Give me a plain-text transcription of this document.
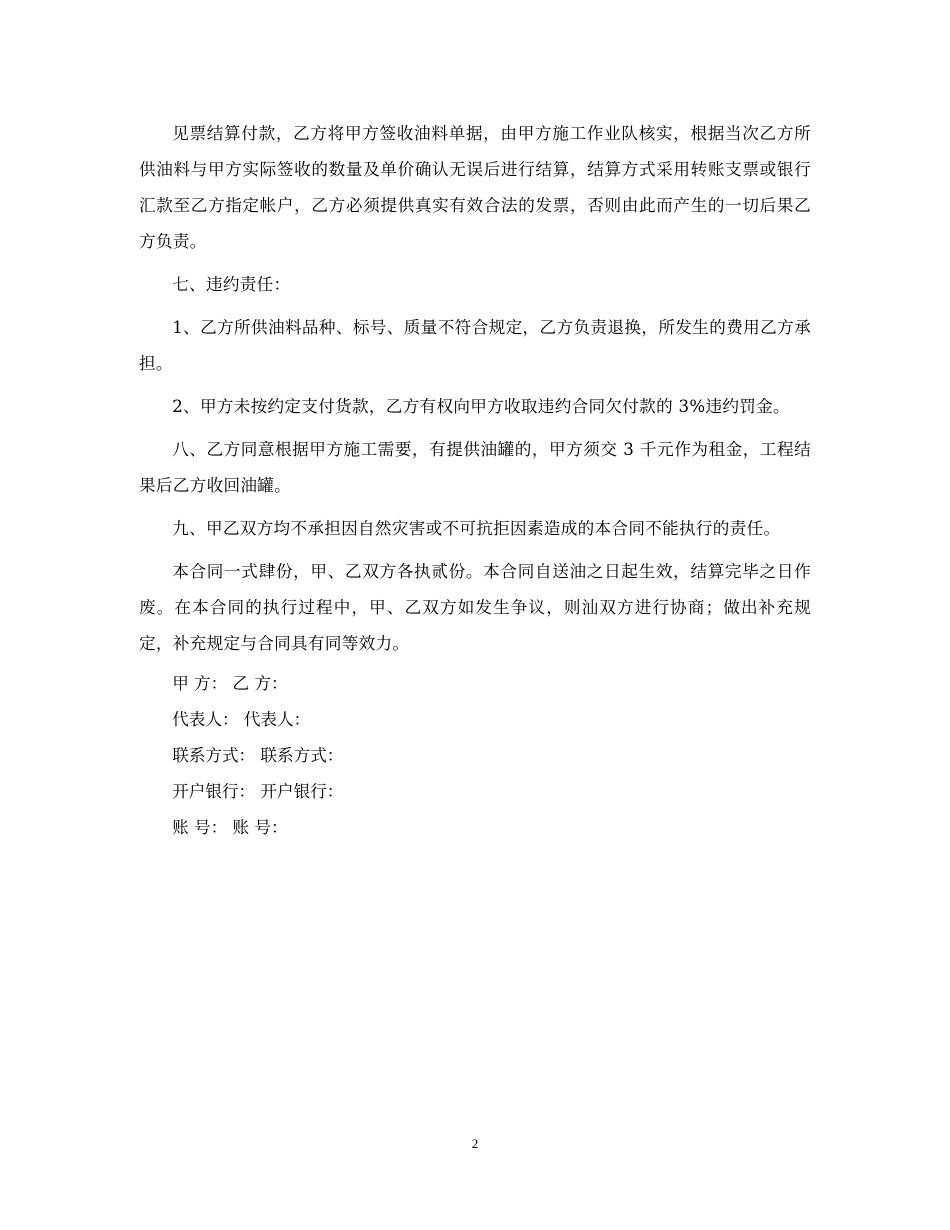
见票结算付款，乙方将甲方签收油料单据，由甲方施工作业队核实，根据当次乙方所供油料与甲方实际签收的数量及单价确认无误后进行结算，结算方式采用转账支票或银行汇款至乙方指定帐户，乙方必须提供真实有效合法的发票，否则由此而产生的一切后果乙方负责。

七、违约责任：

1、乙方所供油料品种、标号、质量不符合规定，乙方负责退换，所发生的费用乙方承担。

2、甲方未按约定支付货款，乙方有权向甲方收取违约合同欠付款的 3%违约罚金。

八、乙方同意根据甲方施工需要，有提供油罐的，甲方须交 3 千元作为租金，工程结果后乙方收回油罐。

九、甲乙双方均不承担因自然灾害或不可抗拒因素造成的本合同不能执行的责任。

本合同一式肆份，甲、乙双方各执贰份。本合同自送油之日起生效，结算完毕之日作废。在本合同的执行过程中，甲、乙双方如发生争议，则汕双方进行协商；做出补充规定，补充规定与合同具有同等效力。

甲 方： 乙 方：

代表人： 代表人：

联系方式： 联系方式：

开户银行： 开户银行：

账 号： 账 号：

2
